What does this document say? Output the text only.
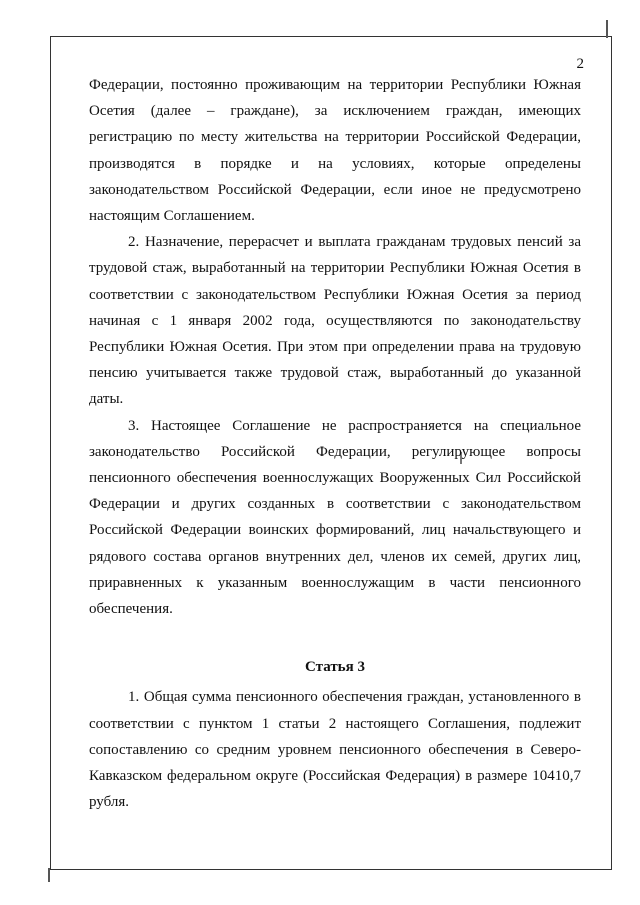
2

Федерации, постоянно проживающим на территории Республики Южная Осетия (далее – граждане), за исключением граждан, имеющих регистрацию по месту жительства на территории Российской Федерации, производятся в порядке и на условиях, которые определены законодательством Российской Федерации, если иное не предусмотрено настоящим Соглашением.

2. Назначение, перерасчет и выплата гражданам трудовых пенсий за трудовой стаж, выработанный на территории Республики Южная Осетия в соответствии с законодательством Республики Южная Осетия за период начиная с 1 января 2002 года, осуществляются по законодательству Республики Южная Осетия. При этом при определении права на трудовую пенсию учитывается также трудовой стаж, выработанный до указанной даты.

3. Настоящее Соглашение не распространяется на специальное законодательство Российской Федерации, регулирующее вопросы пенсионного обеспечения военнослужащих Вооруженных Сил Российской Федерации и других созданных в соответствии с законодательством Российской Федерации воинских формирований, лиц начальствующего и рядового состава органов внутренних дел, членов их семей, других лиц, приравненных к указанным военнослужащим в части пенсионного обеспечения.

Статья 3

1. Общая сумма пенсионного обеспечения граждан, установленного в соответствии с пунктом 1 статьи 2 настоящего Соглашения, подлежит сопоставлению со средним уровнем пенсионного обеспечения в Северо-Кавказском федеральном округе (Российская Федерация) в размере 10410,7 рубля.
